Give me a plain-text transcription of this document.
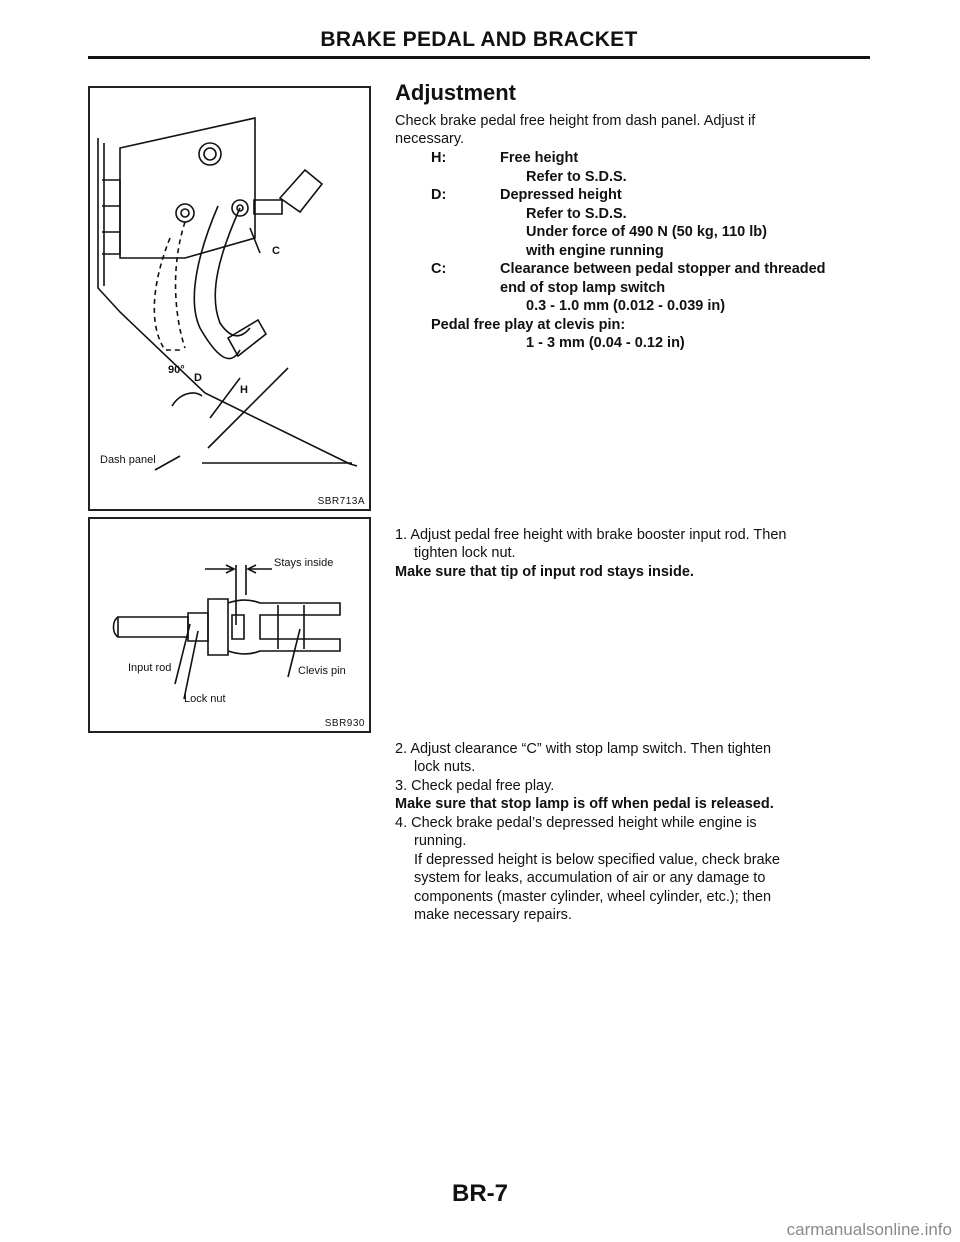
BRAKE PEDAL AND BRACKET
Dash panel
90°
D
H
C
SBR713A
Stays inside
Input rod
Lock nut
Clevis pin
SBR930
Adjustment
Check brake pedal free height from dash panel. Adjust if
necessary.
H:	Free height
Refer to S.D.S.
D:	Depressed height
Refer to S.D.S.
Under force of 490 N (50 kg, 110 lb)
with engine running
C:	Clearance between pedal stopper and threaded
end of stop lamp switch
0.3 - 1.0 mm (0.012 - 0.039 in)
Pedal free play at clevis pin:
1 - 3 mm (0.04 - 0.12 in)
1. Adjust pedal free height with brake booster input rod. Then
tighten lock nut.
Make sure that tip of input rod stays inside.
2. Adjust clearance “C” with stop lamp switch. Then tighten
lock nuts.
3. Check pedal free play.
Make sure that stop lamp is off when pedal is released.
4. Check brake pedal’s depressed height while engine is
running.
If depressed height is below specified value, check brake
system for leaks, accumulation of air or any damage to
components (master cylinder, wheel cylinder, etc.); then
make necessary repairs.
BR-7
carmanualsonline.info
